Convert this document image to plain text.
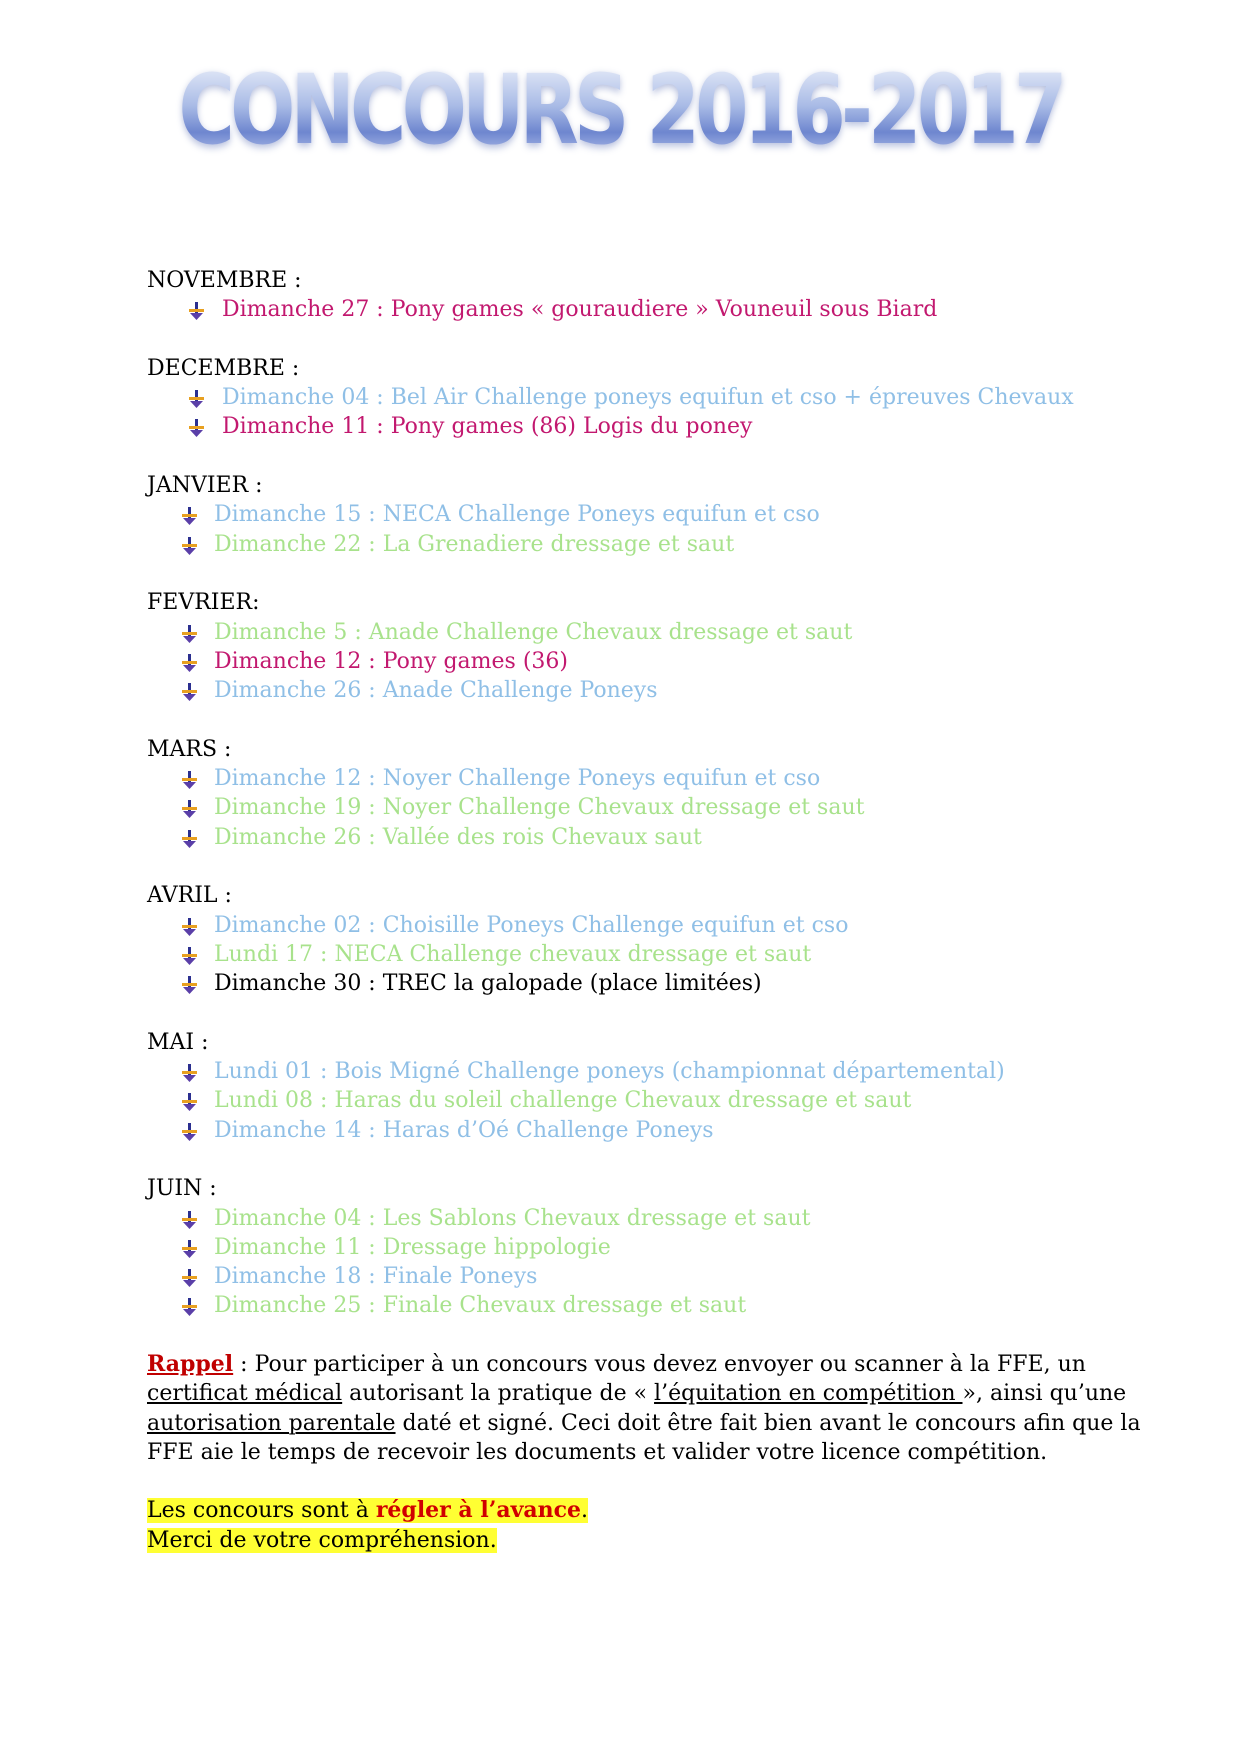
CONCOURS 2016-2017
NOVEMBRE :
Dimanche 27 : Pony games « gouraudiere » Vouneuil sous Biard
DECEMBRE :
Dimanche 04 : Bel Air Challenge poneys equifun et cso + épreuves Chevaux
Dimanche 11 : Pony games (86) Logis du poney
JANVIER :
Dimanche 15 : NECA Challenge Poneys equifun et cso
Dimanche 22 : La Grenadiere dressage et saut
FEVRIER:
Dimanche 5 : Anade Challenge Chevaux dressage et saut
Dimanche 12 : Pony games (36)
Dimanche 26 : Anade Challenge Poneys
MARS :
Dimanche 12 : Noyer Challenge Poneys equifun et cso
Dimanche 19 : Noyer Challenge Chevaux dressage et saut
Dimanche 26 : Vallée des rois Chevaux saut
AVRIL :
Dimanche 02 : Choisille Poneys Challenge equifun et cso
Lundi 17 : NECA Challenge chevaux dressage et saut
Dimanche 30 : TREC la galopade (place limitées)
MAI :
Lundi 01 : Bois Migné Challenge poneys (championnat départemental)
Lundi 08 : Haras du soleil challenge Chevaux dressage et saut
Dimanche 14 : Haras d’Oé Challenge Poneys
JUIN :
Dimanche 04 : Les Sablons Chevaux dressage et saut
Dimanche 11 : Dressage hippologie
Dimanche 18 : Finale Poneys
Dimanche 25 : Finale Chevaux dressage et saut

Rappel : Pour participer à un concours vous devez envoyer ou scanner à la FFE, un

certificat médical autorisant la pratique de « l’équitation en compétition », ainsi qu’une

autorisation parentale daté et signé. Ceci doit être fait bien avant le concours afin que la

FFE aie le temps de recevoir les documents et valider votre licence compétition.

Les concours sont à régler à l’avance.

Merci de votre compréhension.
